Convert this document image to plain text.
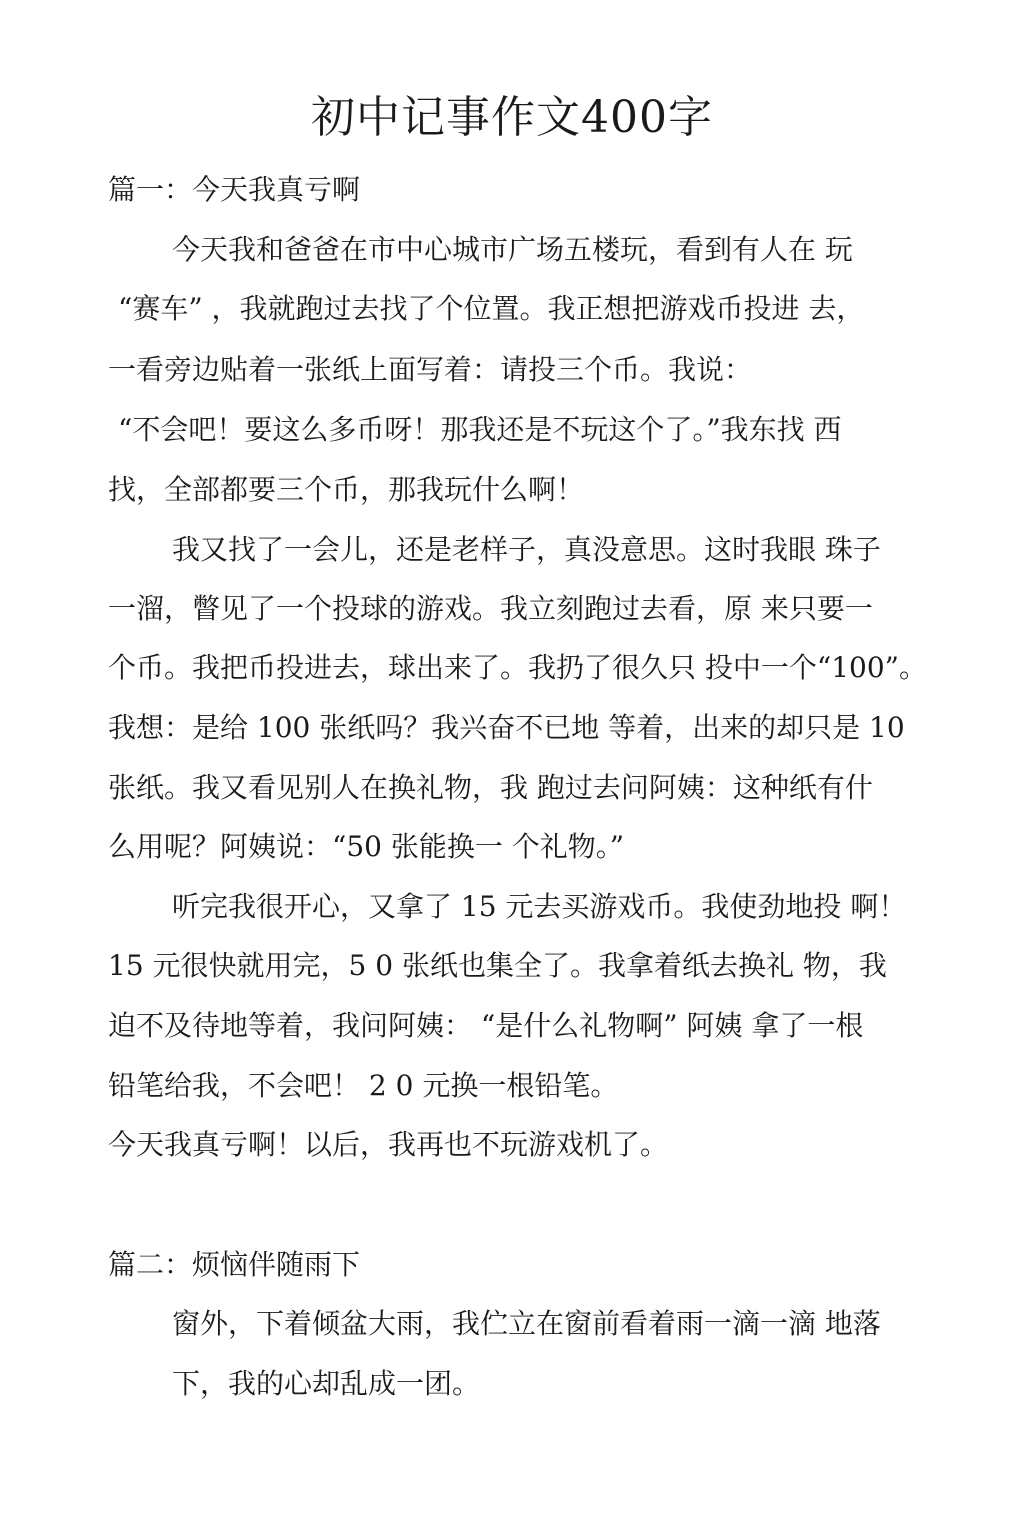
初中记事作文400字
篇一：今天我真亏啊
今天我和爸爸在市中心城市广场五楼玩，看到有人在 玩
“赛车” ，我就跑过去找了个位置。我正想把游戏币投进 去，
一看旁边贴着一张纸上面写着：请投三个币。我说：
“不会吧！要这么多币呀！那我还是不玩这个了。”我东找 西
找，全部都要三个币，那我玩什么啊！
我又找了一会儿，还是老样子，真没意思。这时我眼 珠子
一溜，瞥见了一个投球的游戏。我立刻跑过去看，原 来只要一
个币。我把币投进去，球出来了。我扔了很久只 投中一个“100”。
我想：是给 100 张纸吗？我兴奋不已地 等着，出来的却只是 10
张纸。我又看见别人在换礼物，我 跑过去问阿姨：这种纸有什
么用呢？阿姨说：“50 张能换一 个礼物。”
听完我很开心，又拿了 15 元去买游戏币。我使劲地投 啊！
15 元很快就用完，5 0 张纸也集全了。我拿着纸去换礼 物，我
迫不及待地等着，我问阿姨： “是什么礼物啊” 阿姨 拿了一根
铅笔给我，不会吧！ 2 0 元换一根铅笔。
今天我真亏啊！以后，我再也不玩游戏机了。
篇二：烦恼伴随雨下
窗外，下着倾盆大雨，我伫立在窗前看着雨一滴一滴 地落
下，我的心却乱成一团。
